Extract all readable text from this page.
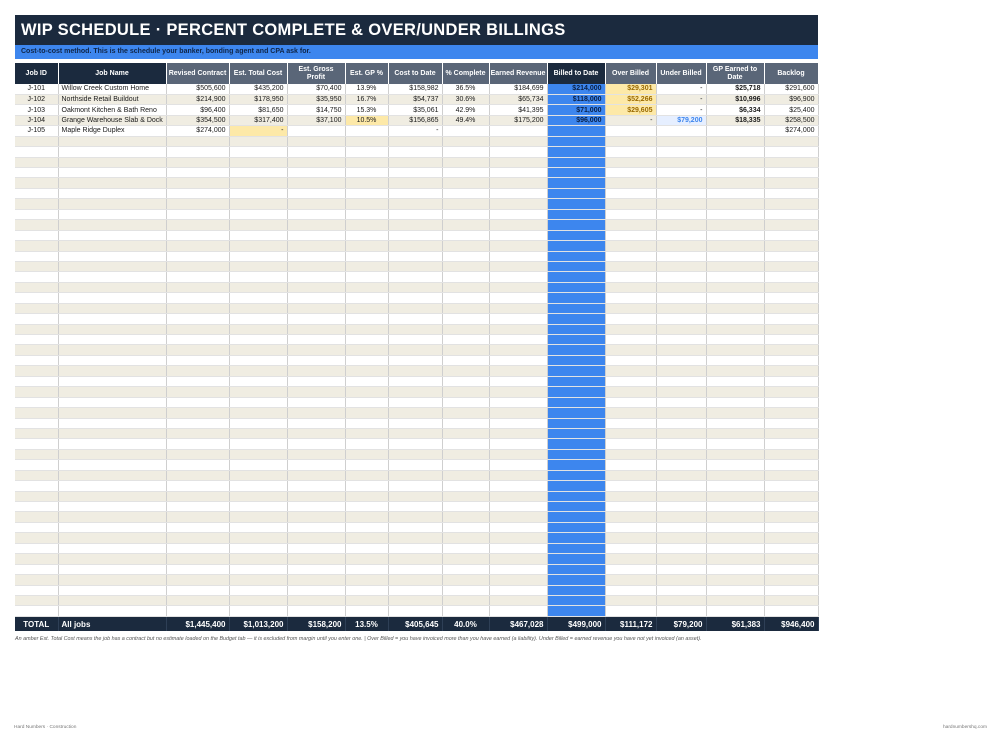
WIP SCHEDULE · PERCENT COMPLETE & OVER/UNDER BILLINGS
Cost-to-cost method. This is the schedule your banker, bonding agent and CPA ask for.
Job ID	Job Name	Revised Contract	Est. Total Cost	Est. Gross Profit	Est. GP %	Cost to Date	% Complete	Earned Revenue	Billed to Date	Over Billed	Under Billed	GP Earned to Date	Backlog
J-101	Willow Creek Custom Home	$505,600	$435,200	$70,400	13.9%	$158,982	36.5%	$184,699	$214,000	$29,301	-	$25,718	$291,600
J-102	Northside Retail Buildout	$214,900	$178,950	$35,950	16.7%	$54,737	30.6%	$65,734	$118,000	$52,266	-	$10,996	$96,900
J-103	Oakmont Kitchen & Bath Reno	$96,400	$81,650	$14,750	15.3%	$35,061	42.9%	$41,395	$71,000	$29,605	-	$6,334	$25,400
J-104	Grange Warehouse Slab & Dock	$354,500	$317,400	$37,100	10.5%	$156,865	49.4%	$175,200	$96,000	-	$79,200	$18,335	$258,500
J-105	Maple Ridge Duplex	$274,000	-			-							$274,000

TOTAL	All jobs	$1,445,400	$1,013,200	$158,200	13.5%	$405,645	40.0%	$467,028	$499,000	$111,172	$79,200	$61,383	$946,400
An amber Est. Total Cost means the job has a contract but no estimate loaded on the Budget tab — it is excluded from margin until you enter one. | Over Billed = you have invoiced more than you have earned (a liability). Under Billed = earned revenue you have not yet invoiced (an asset).
Hard Numbers · Construction	hardnumbershq.com
